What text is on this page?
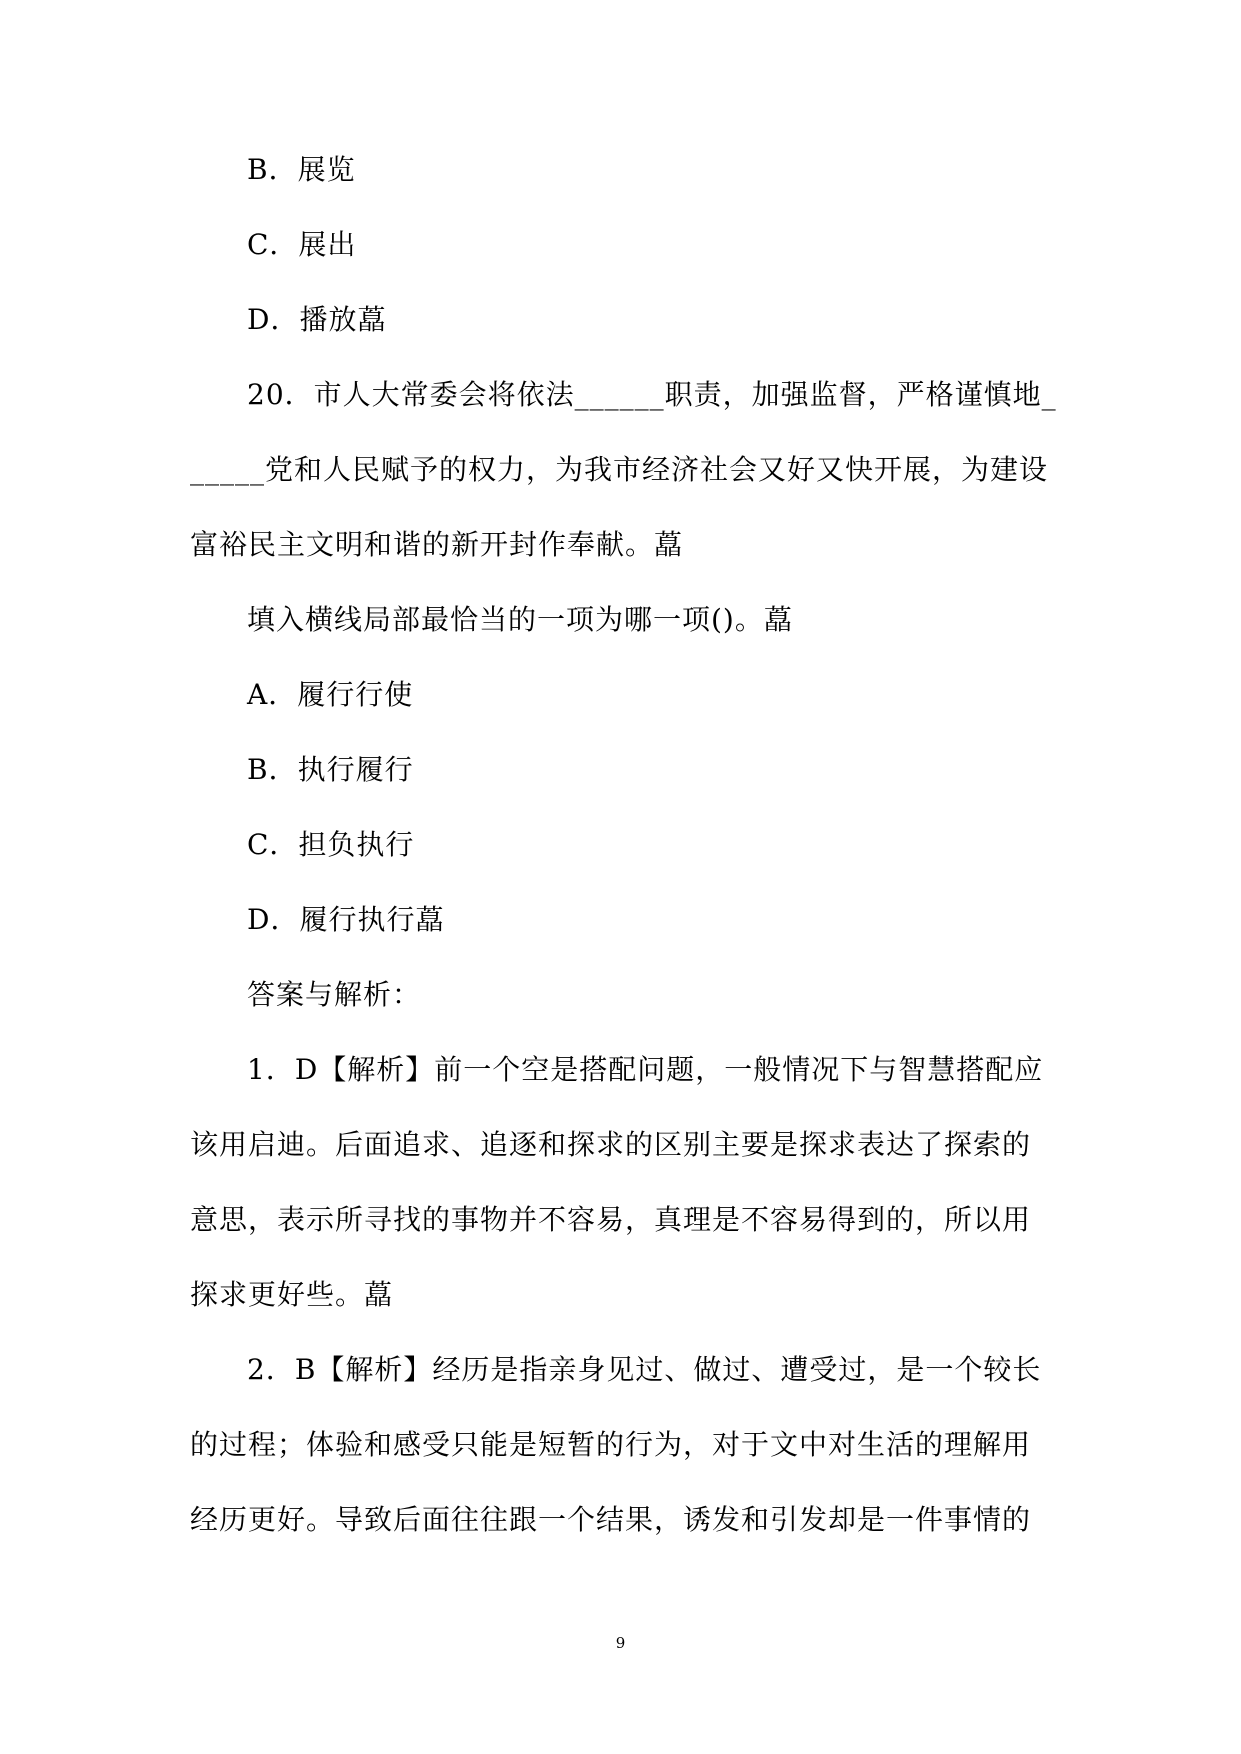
B．展览
C．展出
D．播放藠
20．市人大常委会将依法______职责，加强监督，严格谨慎地_
_____党和人民赋予的权力，为我市经济社会又好又快开展，为建设
富裕民主文明和谐的新开封作奉献。藠
填入横线局部最恰当的一项为哪一项()。藠
A．履行行使
B．执行履行
C．担负执行
D．履行执行藠
答案与解析：
1．D【解析】前一个空是搭配问题，一般情况下与智慧搭配应
该用启迪。后面追求、追逐和探求的区别主要是探求表达了探索的
意思，表示所寻找的事物并不容易，真理是不容易得到的，所以用
探求更好些。藠
2．B【解析】经历是指亲身见过、做过、遭受过，是一个较长
的过程；体验和感受只能是短暂的行为，对于文中对生活的理解用
经历更好。导致后面往往跟一个结果，诱发和引发却是一件事情的
9
